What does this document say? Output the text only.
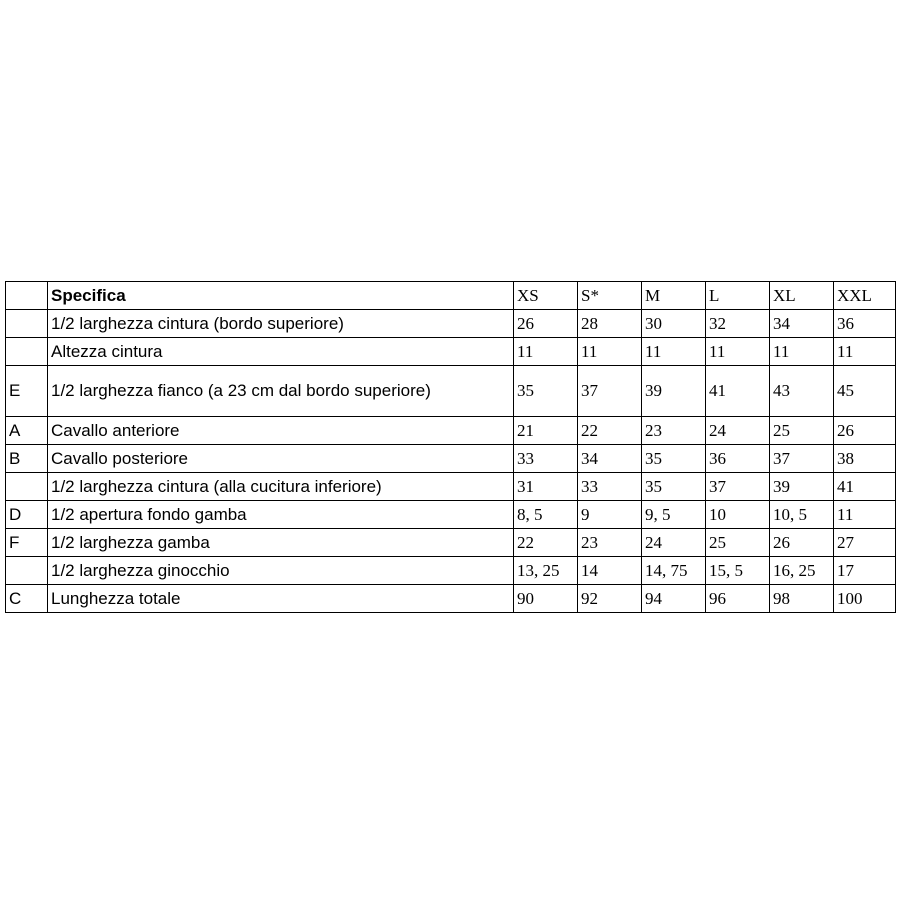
	Specifica	XS	S*	M	L	XL	XXL
	1/2 larghezza cintura (bordo superiore)	26	28	30	32	34	36
	Altezza cintura	11	11	11	11	11	11
E	1/2 larghezza fianco (a 23 cm dal bordo superiore)	35	37	39	41	43	45
A	Cavallo anteriore	21	22	23	24	25	26
B	Cavallo posteriore	33	34	35	36	37	38
	1/2 larghezza cintura (alla cucitura inferiore)	31	33	35	37	39	41
D	1/2 apertura fondo gamba	8, 5	9	9, 5	10	10, 5	11
F	1/2 larghezza gamba	22	23	24	25	26	27
	1/2 larghezza ginocchio	13, 25	14	14, 75	15, 5	16, 25	17
C	Lunghezza totale	90	92	94	96	98	100
